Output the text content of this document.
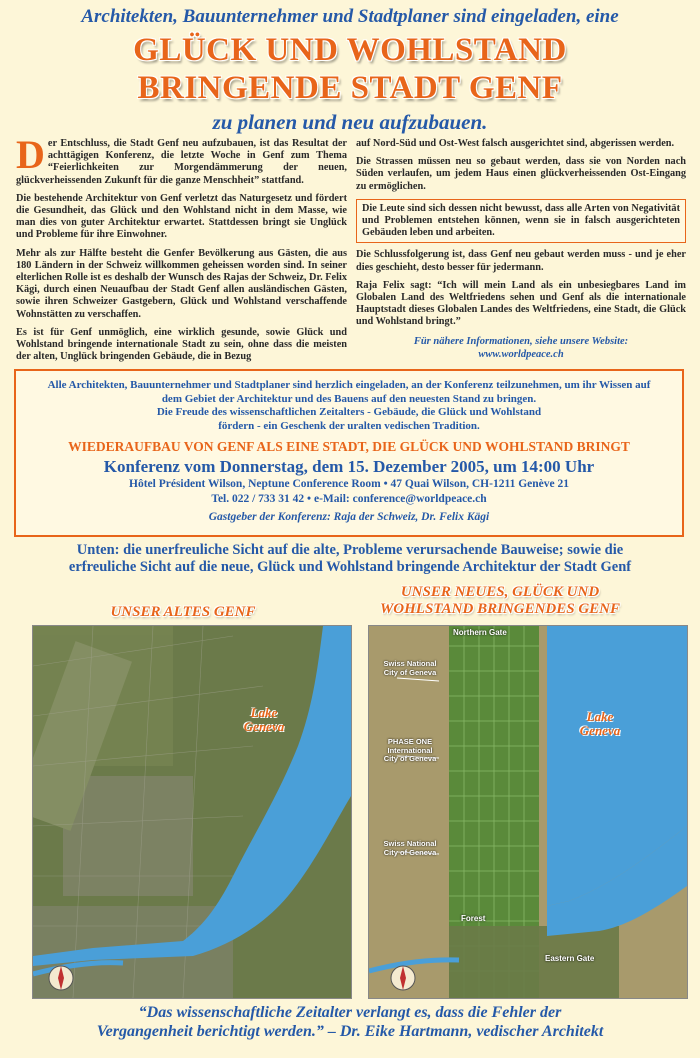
Architekten, Bauunternehmer und Stadtplaner sind eingeladen, eine
GLÜCK UND WOHLSTAND
BRINGENDE STADT GENF
zu planen und neu aufzubauen.

Der Entschluss, die Stadt Genf neu aufzubauen, ist das Resultat der achttägigen Konferenz, die letzte Woche in Genf zum Thema “Feierlichkeiten zur Morgendämmerung der neuen, glückverheissenden Zukunft für die ganze Menschheit” stattfand.

Die bestehende Architektur von Genf verletzt das Naturgesetz und fördert die Gesundheit, das Glück und den Wohlstand nicht in dem Masse, wie man dies von guter Architektur erwartet. Stattdessen bringt sie Unglück und Probleme für ihre Einwohner.

Mehr als zur Hälfte besteht die Genfer Bevölkerung aus Gästen, die aus 180 Ländern in der Schweiz willkommen geheissen worden sind. In seiner elterlichen Rolle ist es deshalb der Wunsch des Rajas der Schweiz, Dr. Felix Kägi, durch einen Neuaufbau der Stadt Genf allen ausländischen Gästen, sowie ihren Schweizer Gastgebern, Glück und Wohlstand verschaffende Wohnstätten zu verschaffen.

Es ist für Genf unmöglich, eine wirklich gesunde, sowie Glück und Wohlstand bringende internationale Stadt zu sein, ohne dass die meisten der alten, Unglück bringenden Gebäude, die in Bezug

auf Nord-Süd und Ost-West falsch ausgerichtet sind, abgerissen werden.

Die Strassen müssen neu so gebaut werden, dass sie von Norden nach Süden verlaufen, um jedem Haus einen glückverheissenden Ost-Eingang zu ermöglichen.

Die Leute sind sich dessen nicht bewusst, dass alle Arten von Negativität und Problemen entstehen können, wenn sie in falsch ausgerichteten Gebäuden leben und arbeiten.

Die Schlussfolgerung ist, dass Genf neu gebaut werden muss - und je eher dies geschieht, desto besser für jedermann.

Raja Felix sagt: “Ich will mein Land als ein unbesiegbares Land im Globalen Land des Weltfriedens sehen und Genf als die internationale Hauptstadt dieses Globalen Landes des Weltfriedens, eine Stadt, die Glück und Wohlstand bringt.”

Für nähere Informationen, siehe unsere Website:
www.worldpeace.ch
Alle Architekten, Bauunternehmer und Stadtplaner sind herzlich eingeladen, an der Konferenz teilzunehmen, um ihr Wissen auf
dem Gebiet der Architektur und des Bauens auf den neuesten Stand zu bringen.
Die Freude des wissenschaftlichen Zeitalters - Gebäude, die Glück und Wohlstand
fördern - ein Geschenk der uralten vedischen Tradition.
WIEDERAUFBAU VON GENF ALS EINE STADT, DIE GLÜCK UND WOHLSTAND BRINGT
Konferenz vom Donnerstag, dem 15. Dezember 2005, um 14:00 Uhr
Hôtel Président Wilson, Neptune Conference Room • 47 Quai Wilson, CH-1211 Genève 21
Tel. 022 / 733 31 42 • e-Mail: conference@worldpeace.ch
Gastgeber der Konferenz: Raja der Schweiz, Dr. Felix Kägi
Unten: die unerfreuliche Sicht auf die alte, Probleme verursachende Bauweise; sowie die
erfreuliche Sicht auf die neue, Glück und Wohlstand bringende Architektur der Stadt Genf
UNSER ALTES GENF
UNSER NEUES, GLÜCK UND
WOHLSTAND BRINGENDES GENF
Lake
Geneva
Northern Gate
Eastern Gate
Forest
Swiss National
City of Geneva
PHASE ONE
International
City of Geneva
Swiss National
City of Geneva
Lake
Geneva
“Das wissenschaftliche Zeitalter verlangt es, dass die Fehler der
Vergangenheit berichtigt werden.” – Dr. Eike Hartmann, vedischer Architekt
